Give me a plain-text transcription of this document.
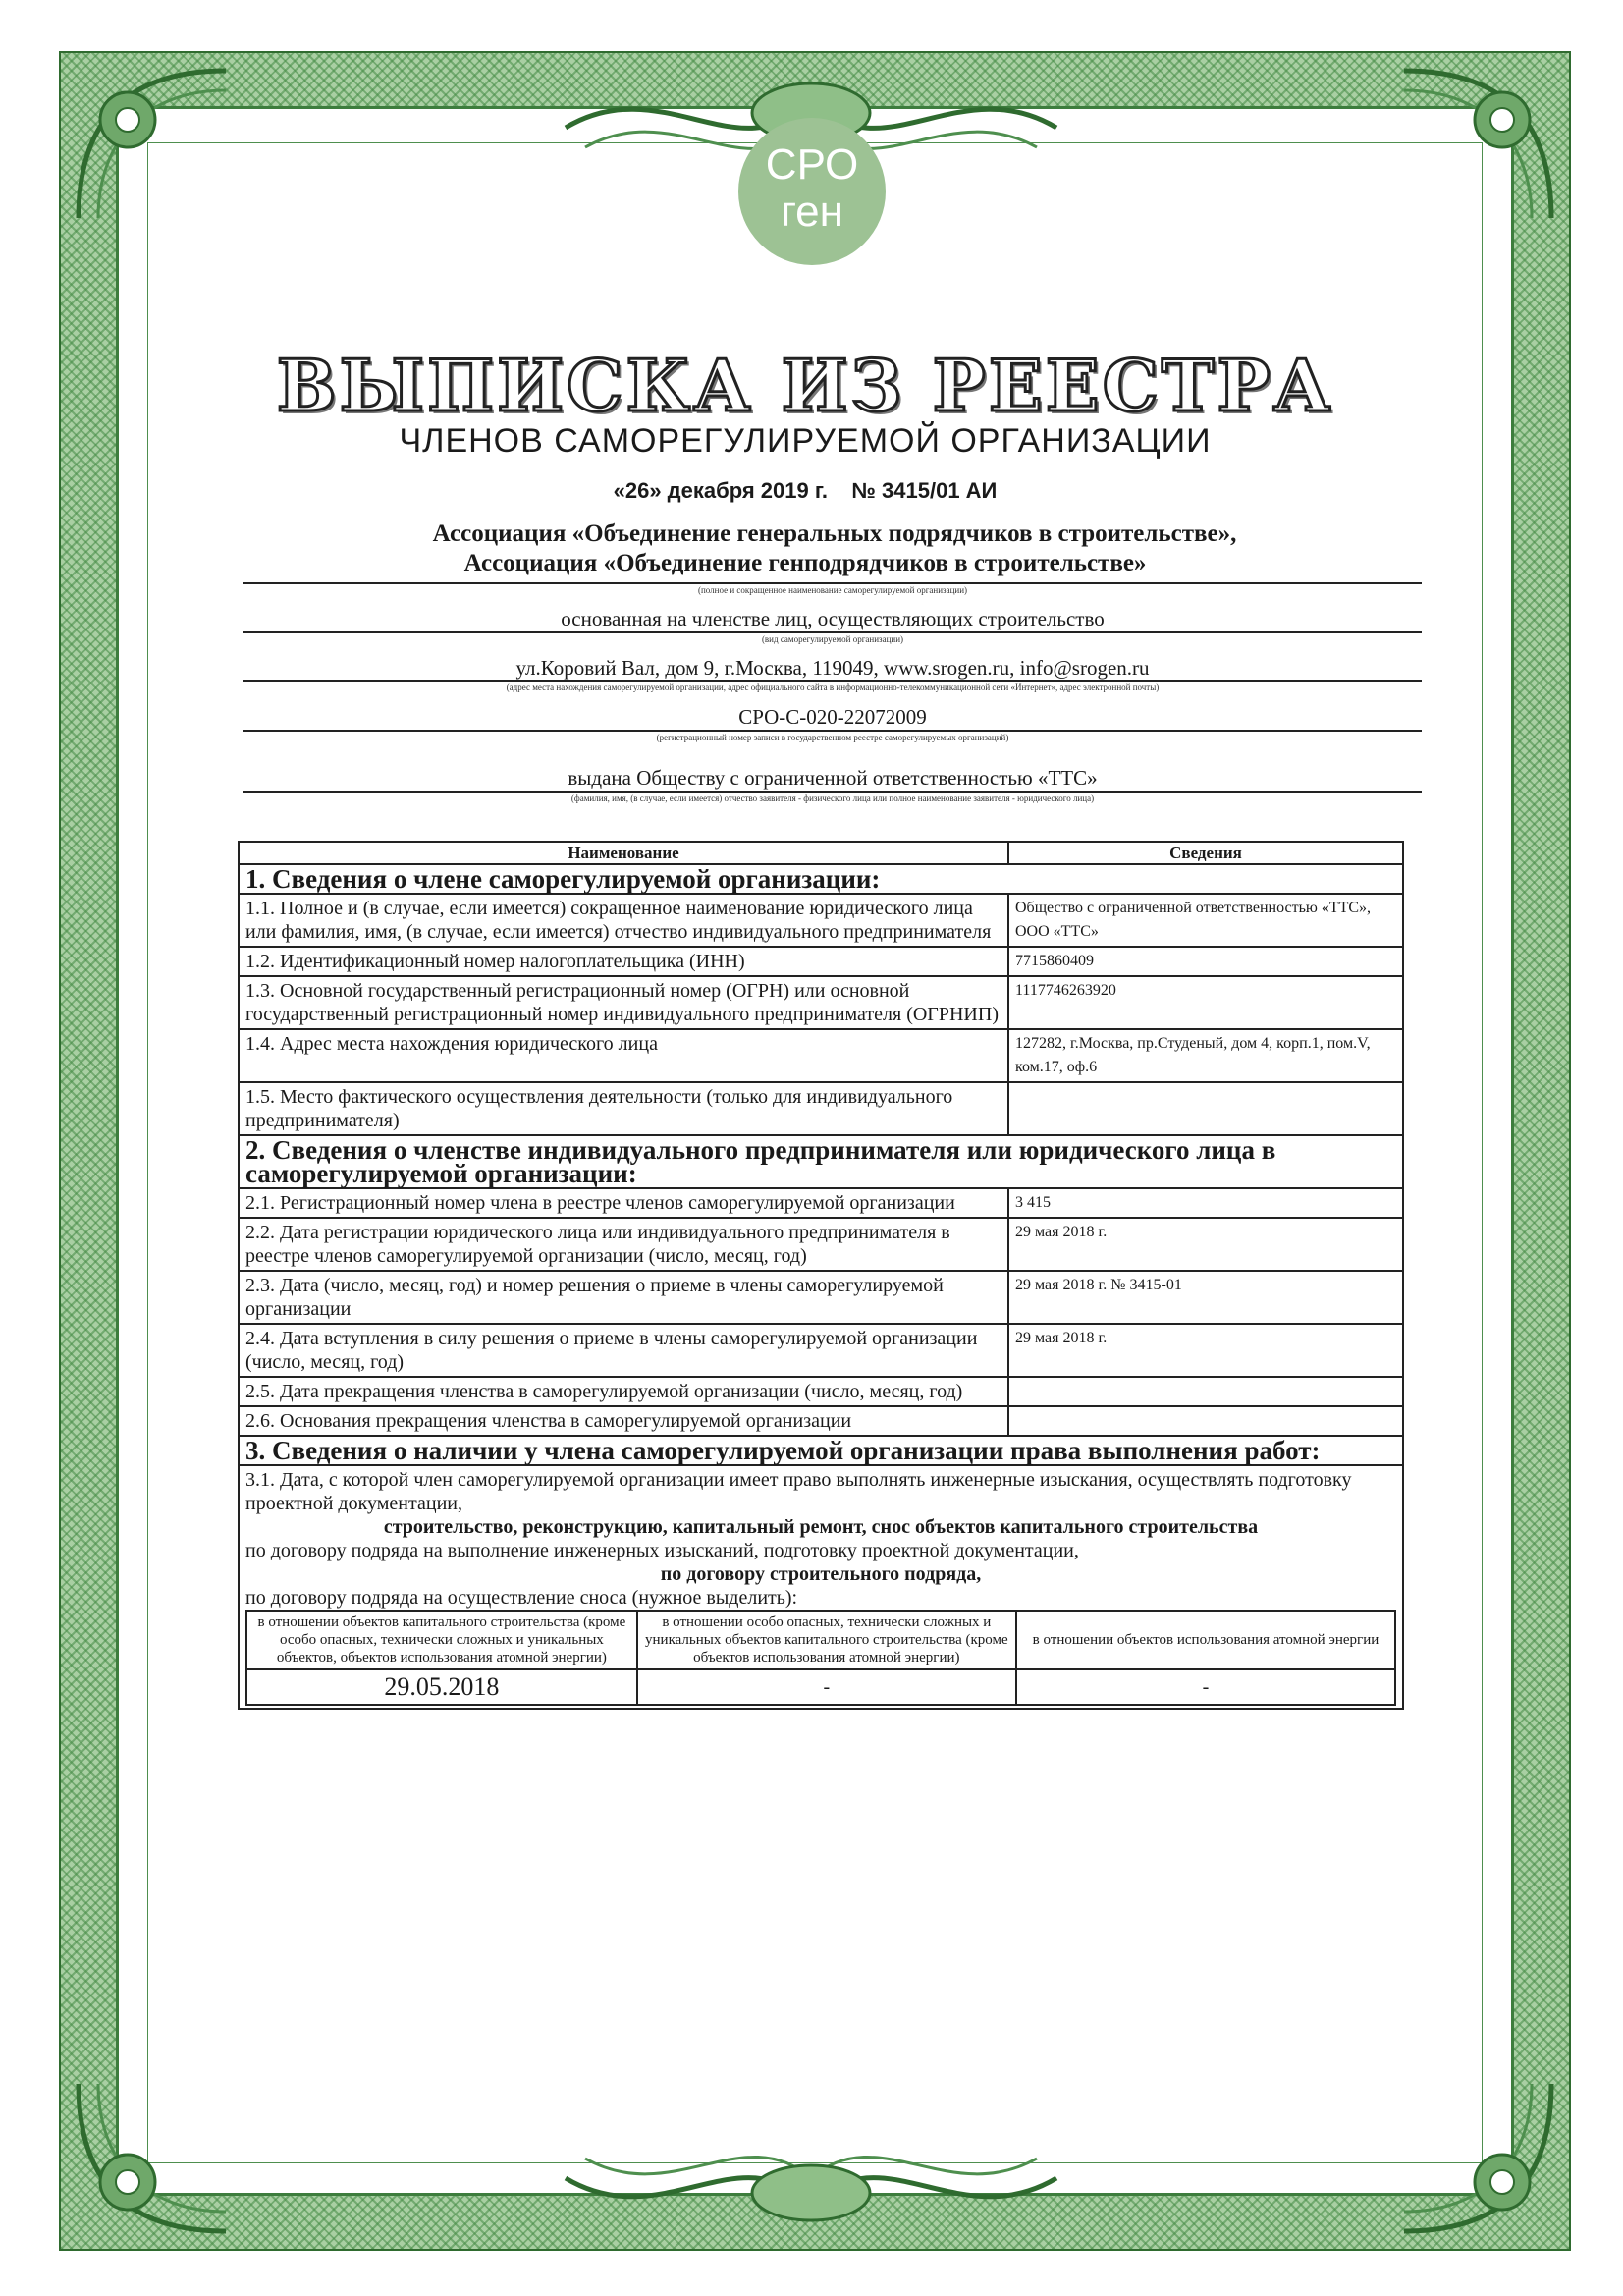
СРО
ген
ВЫПИСКА ИЗ РЕЕСТРА
ЧЛЕНОВ САМОРЕГУЛИРУЕМОЙ ОРГАНИЗАЦИИ
«26» декабря 2019 г.    № 3415/01 АИ
Ассоциация «Объединение генеральных подрядчиков в строительстве»,
Ассоциация «Объединение генподрядчиков в строительстве»
(полное и сокращенное наименование саморегулируемой организации)
основанная на членстве лиц, осуществляющих строительство
(вид саморегулируемой организации)
ул.Коровий Вал, дом 9, г.Москва, 119049, www.srogen.ru, info@srogen.ru
(адрес места нахождения саморегулируемой организации, адрес официального сайта в информационно-телекоммуникационной сети «Интернет», адрес электронной почты)
СРО-С-020-22072009
(регистрационный номер записи в государственном реестре саморегулируемых организаций)
выдана Обществу с ограниченной ответственностью «ТТС»
(фамилия, имя, (в случае, если имеется) отчество заявителя - физического лица или полное наименование заявителя - юридического лица)
Наименование	Сведения
1. Сведения о члене саморегулируемой организации:
1.1. Полное и (в случае, если имеется) сокращенное наименование юридического лица или фамилия, имя, (в случае, если имеется) отчество индивидуального предпринимателя	Общество с ограниченной ответственностью «ТТС»,
ООО «ТТС»
1.2. Идентификационный номер налогоплательщика (ИНН)	7715860409
1.3. Основной государственный регистрационный номер (ОГРН) или основной государственный регистрационный номер индивидуального предпринимателя (ОГРНИП)	1117746263920
1.4. Адрес места нахождения юридического лица	127282, г.Москва, пр.Студеный, дом 4, корп.1, пом.V, ком.17, оф.6
1.5. Место фактического осуществления деятельности (только для индивидуального предпринимателя)	
2. Сведения о членстве индивидуального предпринимателя или юридического лица в саморегулируемой организации:
2.1. Регистрационный номер члена в реестре членов саморегулируемой организации	3 415
2.2. Дата регистрации юридического лица или индивидуального предпринимателя в реестре членов саморегулируемой организации (число, месяц, год)	29 мая 2018 г.
2.3. Дата (число, месяц, год) и номер решения о приеме в члены саморегулируемой организации	29 мая 2018 г. № 3415-01
2.4. Дата вступления в силу решения о приеме в члены саморегулируемой организации (число, месяц, год)	29 мая 2018 г.
2.5. Дата прекращения членства в саморегулируемой организации (число, месяц, год)	
2.6. Основания прекращения членства в саморегулируемой организации	
3. Сведения о наличии у члена саморегулируемой организации права выполнения работ:
3.1. Дата, с которой член саморегулируемой организации имеет право выполнять инженерные изыскания, осуществлять подготовку проектной документации,
строительство, реконструкцию, капитальный ремонт, снос объектов капитального строительства
по договору подряда на выполнение инженерных изысканий, подготовку проектной документации,
по договору строительного подряда,
по договору подряда на осуществление сноса (нужное выделить):
в отношении объектов капитального строительства (кроме особо опасных, технически сложных и уникальных объектов, объектов использования атомной энергии)	в отношении особо опасных, технически сложных и уникальных объектов капитального строительства (кроме объектов использования атомной энергии)	в отношении объектов использования атомной энергии
29.05.2018	-	-
